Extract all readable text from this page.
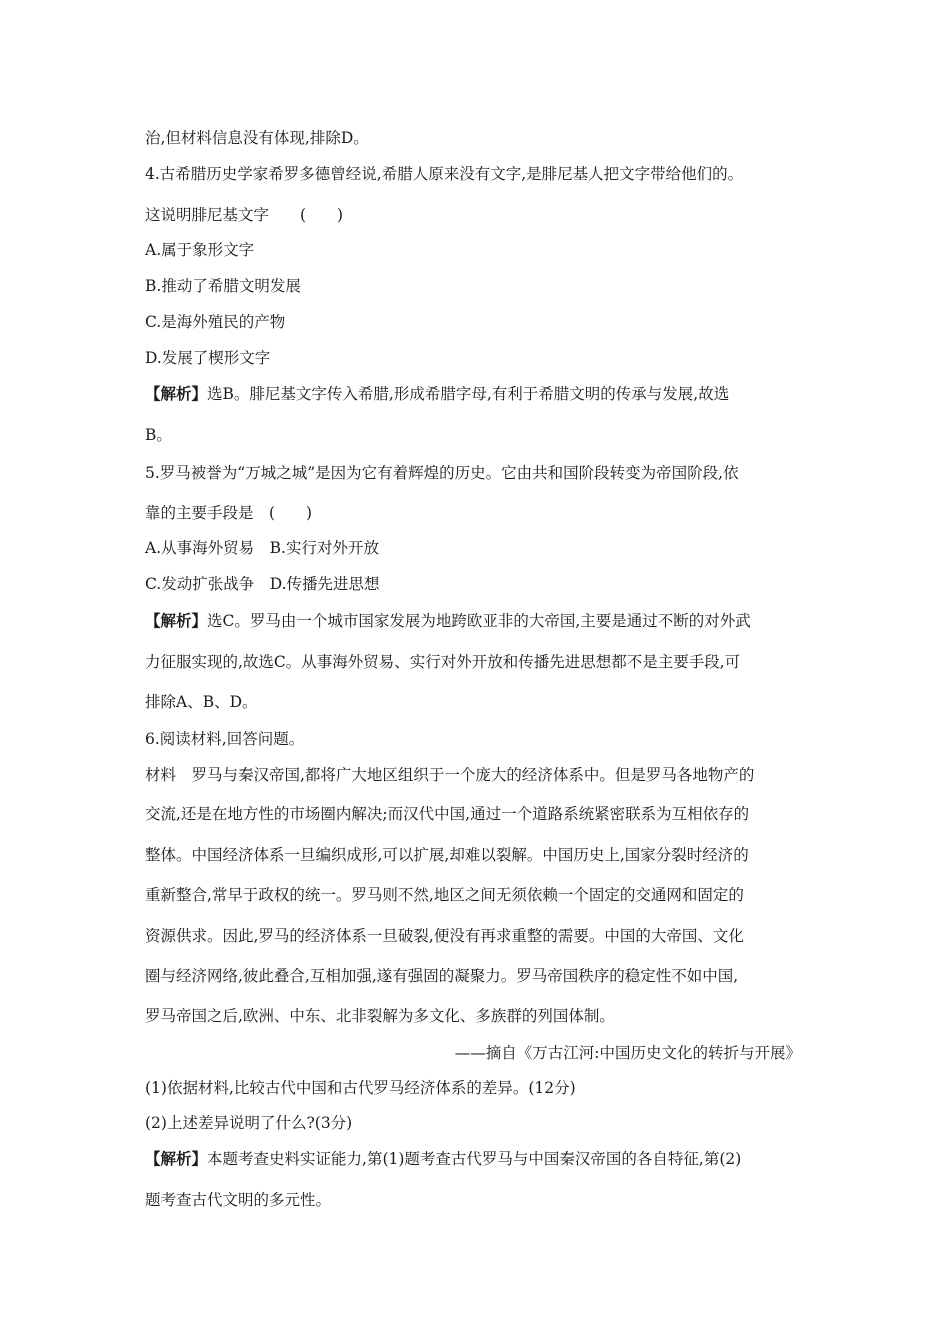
治,但材料信息没有体现,排除D。
4.古希腊历史学家希罗多德曾经说,希腊人原来没有文字,是腓尼基人把文字带给他们的。
这说明腓尼基文字　　(　　)
A.属于象形文字
B.推动了希腊文明发展
C.是海外殖民的产物
D.发展了楔形文字
【解析】选B。腓尼基文字传入希腊,形成希腊字母,有利于希腊文明的传承与发展,故选
B。
5.罗马被誉为“万城之城”是因为它有着辉煌的历史。它由共和国阶段转变为帝国阶段,依
靠的主要手段是　(　　)
A.从事海外贸易　B.实行对外开放
C.发动扩张战争　D.传播先进思想
【解析】选C。罗马由一个城市国家发展为地跨欧亚非的大帝国,主要是通过不断的对外武
力征服实现的,故选C。从事海外贸易、实行对外开放和传播先进思想都不是主要手段,可
排除A、B、D。
6.阅读材料,回答问题。
材料　罗马与秦汉帝国,都将广大地区组织于一个庞大的经济体系中。但是罗马各地物产的
交流,还是在地方性的市场圈内解决;而汉代中国,通过一个道路系统紧密联系为互相依存的
整体。中国经济体系一旦编织成形,可以扩展,却难以裂解。中国历史上,国家分裂时经济的
重新整合,常早于政权的统一。罗马则不然,地区之间无须依赖一个固定的交通网和固定的
资源供求。因此,罗马的经济体系一旦破裂,便没有再求重整的需要。中国的大帝国、文化
圈与经济网络,彼此叠合,互相加强,遂有强固的凝聚力。罗马帝国秩序的稳定性不如中国,
罗马帝国之后,欧洲、中东、北非裂解为多文化、多族群的列国体制。
——摘自《万古江河:中国历史文化的转折与开展》
(1)依据材料,比较古代中国和古代罗马经济体系的差异。(12分)
(2)上述差异说明了什么?(3分)
【解析】本题考查史料实证能力,第(1)题考查古代罗马与中国秦汉帝国的各自特征,第(2)
题考查古代文明的多元性。
